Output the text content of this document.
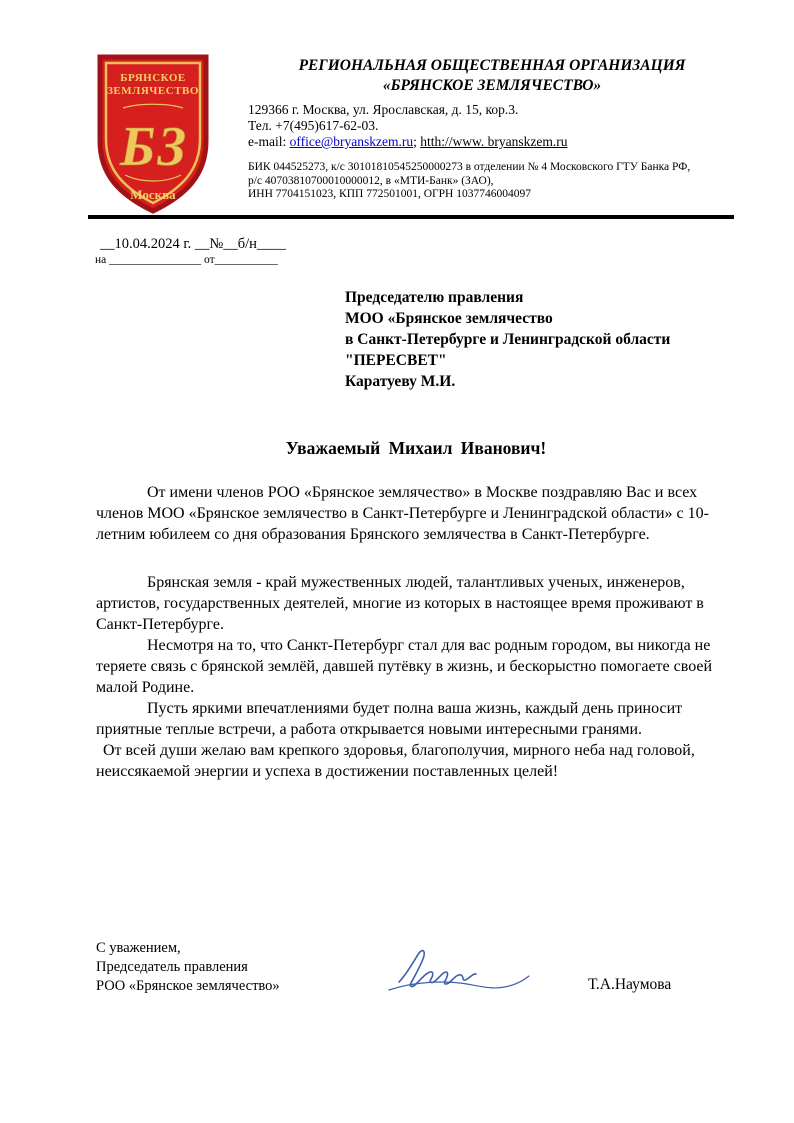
БРЯНСКОЕ
ЗЕМЛЯЧЕСТВО
БЗ
Москва
РЕГИОНАЛЬНАЯ ОБЩЕСТВЕННАЯ ОРГАНИЗАЦИЯ
«БРЯНСКОЕ ЗЕМЛЯЧЕСТВО»
129366 г. Москва, ул. Ярославская, д. 15, кор.3.
Тел. +7(495)617-62-03.
e-mail: office@bryanskzem.ru; htth://www. bryanskzem.ru
БИК 044525273, к/с 30101810545250000273 в отделении № 4 Московского ГТУ Банка РФ,
р/с 40703810700010000012, в «МТИ-Банк» (ЗАО),
ИНН 7704151023, КПП 772501001, ОГРН 1037746004097
__10.04.2024 г. __№__б/н____
на ________________ от___________
Председателю правления
МОО «Брянское землячество
в Санкт-Петербурге и Ленинградской области
"ПЕРЕСВЕТ"
Каратуеву М.И.
Уважаемый Михаил Иванович!

От имени членов РОО «Брянское землячество» в Москве поздравляю Вас и всех членов МОО «Брянское землячество в Санкт-Петербурге и Ленинградской области» с 10-летним юбилеем со дня образования Брянского землячества в Санкт-Петербурге.

Брянская земля - край мужественных людей, талантливых ученых, инженеров, артистов, государственных деятелей, многие из которых в настоящее время проживают в Санкт-Петербурге.

Несмотря на то, что Санкт-Петербург стал для вас родным городом, вы никогда не теряете связь с брянской землёй, давшей путёвку в жизнь, и бескорыстно помогаете своей малой Родине.

Пусть яркими впечатлениями будет полна ваша жизнь, каждый день приносит приятные теплые встречи, а работа открывается новыми интересными гранями.

От всей души желаю вам крепкого здоровья, благополучия, мирного неба над головой, неиссякаемой энергии и успеха в достижении поставленных целей!

С уважением,
Председатель правления
РОО «Брянское землячество»	Т.А.Наумова
